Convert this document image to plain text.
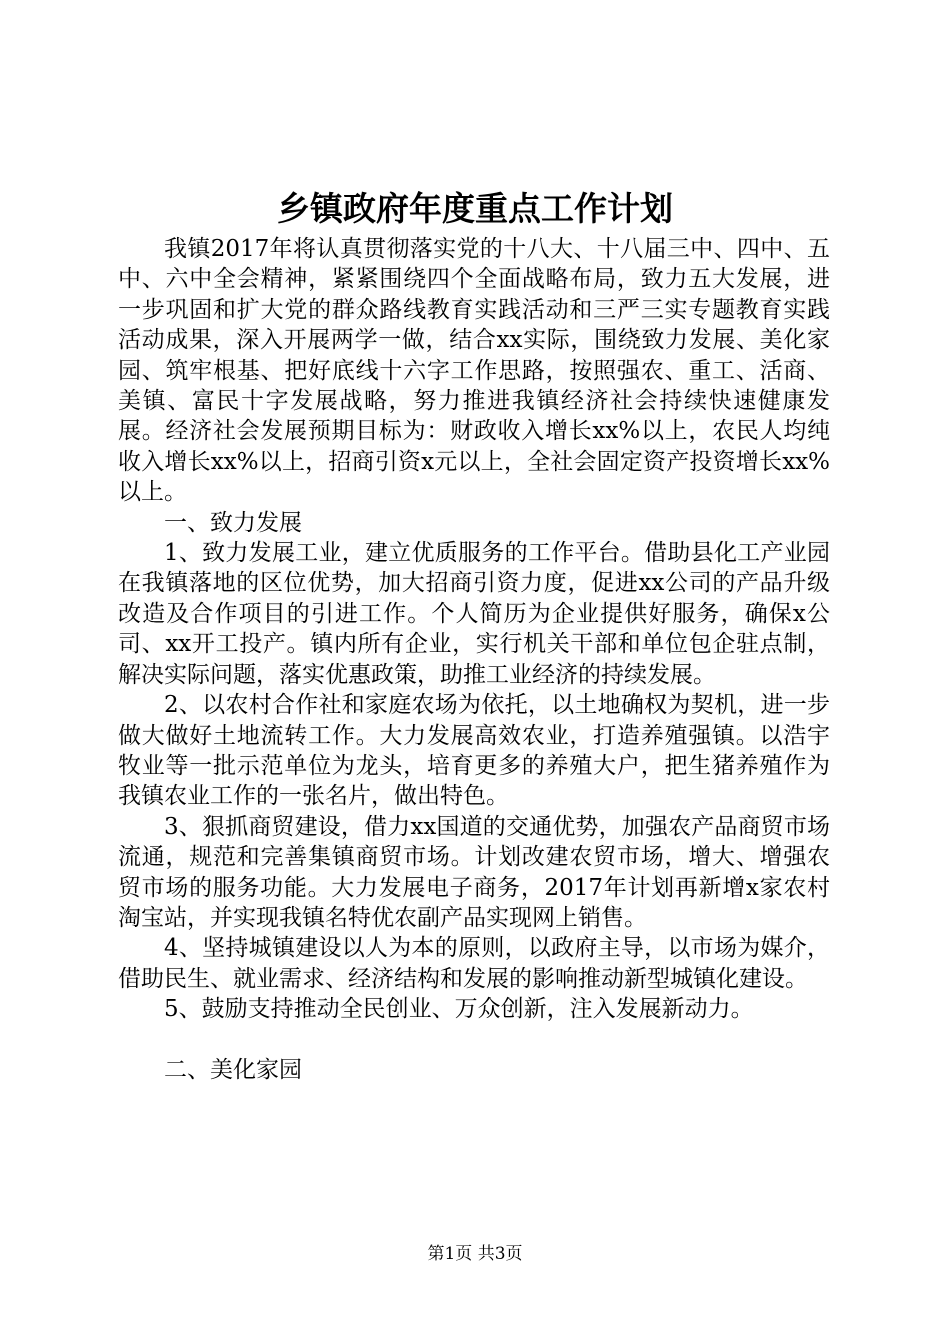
乡镇政府年度重点工作计划

我镇2017年将认真贯彻落实党的十八大、十八届三中、四中、五中、六中全会精神，紧紧围绕四个全面战略布局，致力五大发展，进一步巩固和扩大党的群众路线教育实践活动和三严三实专题教育实践活动成果，深入开展两学一做，结合xx实际，围绕致力发展、美化家园、筑牢根基、把好底线十六字工作思路，按照强农、重工、活商、美镇、富民十字发展战略，努力推进我镇经济社会持续快速健康发展。经济社会发展预期目标为：财政收入增长xx%以上，农民人均纯收入增长xx%以上，招商引资x元以上，全社会固定资产投资增长xx%以上。

一、致力发展

1、致力发展工业，建立优质服务的工作平台。借助县化工产业园在我镇落地的区位优势，加大招商引资力度，促进xx公司的产品升级改造及合作项目的引进工作。个人简历为企业提供好服务，确保x公司、xx开工投产。镇内所有企业，实行机关干部和单位包企驻点制，解决实际问题，落实优惠政策，助推工业经济的持续发展。

2、以农村合作社和家庭农场为依托，以土地确权为契机，进一步做大做好土地流转工作。大力发展高效农业，打造养殖强镇。以浩宇牧业等一批示范单位为龙头，培育更多的养殖大户，把生猪养殖作为我镇农业工作的一张名片，做出特色。

3、狠抓商贸建设，借力xx国道的交通优势，加强农产品商贸市场流通，规范和完善集镇商贸市场。计划改建农贸市场，增大、增强农贸市场的服务功能。大力发展电子商务，2017年计划再新增x家农村淘宝站，并实现我镇名特优农副产品实现网上销售。

4、坚持城镇建设以人为本的原则，以政府主导，以市场为媒介，借助民生、就业需求、经济结构和发展的影响推动新型城镇化建设。

5、鼓励支持推动全民创业、万众创新，注入发展新动力。

二、美化家园

第1页 共3页
